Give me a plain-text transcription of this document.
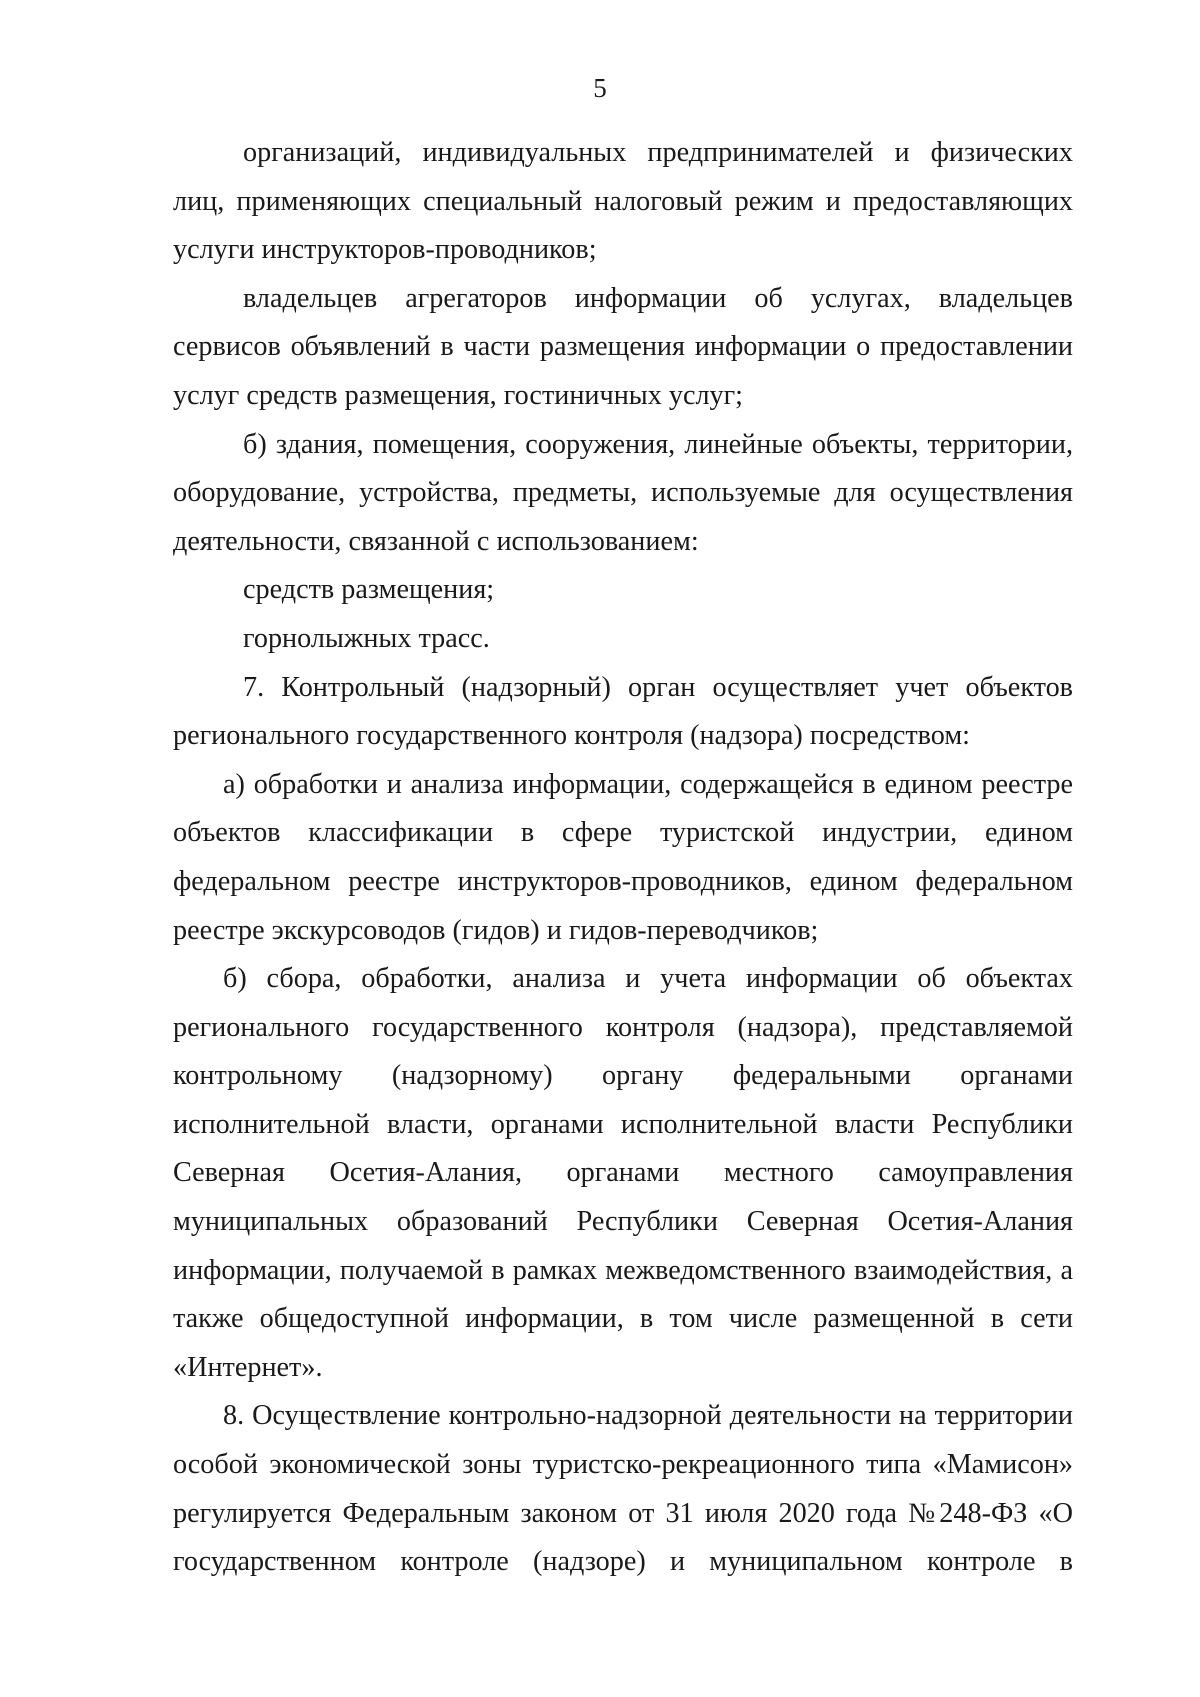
5

организаций, индивидуальных предпринимателей и физических лиц, применяющих специальный налоговый режим и предоставляющих услуги инструкторов-проводников;

владельцев агрегаторов информации об услугах, владельцев сервисов объявлений в части размещения информации о предоставлении услуг средств размещения, гостиничных услуг;

б) здания, помещения, сооружения, линейные объекты, территории, оборудование, устройства, предметы, используемые для осуществления деятельности, связанной с использованием:

средств размещения;

горнолыжных трасс.

7. Контрольный (надзорный) орган осуществляет учет объектов регионального государственного контроля (надзора) посредством:

а) обработки и анализа информации, содержащейся в едином реестре объектов классификации в сфере туристской индустрии, едином федеральном реестре инструкторов-проводников, едином федеральном реестре экскурсоводов (гидов) и гидов-переводчиков;

б) сбора, обработки, анализа и учета информации об объектах регионального государственного контроля (надзора), представляемой контрольному (надзорному) органу федеральными органами исполнительной власти, органами исполнительной власти Республики Северная Осетия-Алания, органами местного самоуправления муниципальных образований Республики Северная Осетия-Алания информации, получаемой в рамках межведомственного взаимодействия, а также общедоступной информации, в том числе размещенной в сети «Интернет».

8. Осуществление контрольно-надзорной деятельности на территории особой экономической зоны туристско-рекреационного типа «Мамисон» регулируется Федеральным законом от 31 июля 2020 года №248-ФЗ «О государственном контроле (надзоре) и муниципальном контроле в
